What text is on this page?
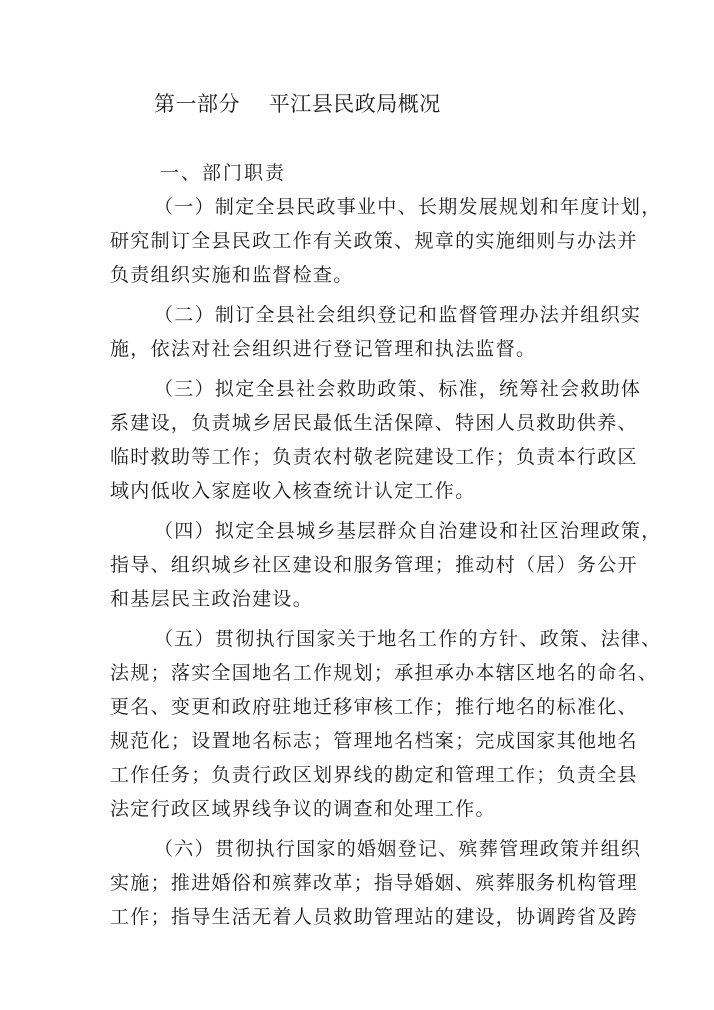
第一部分    平江县民政局概况
一、部门职责
（一）制定全县民政事业中、长期发展规划和年度计划，
研究制订全县民政工作有关政策、规章的实施细则与办法并
负责组织实施和监督检查。
（二）制订全县社会组织登记和监督管理办法并组织实
施，依法对社会组织进行登记管理和执法监督。
（三）拟定全县社会救助政策、标准，统筹社会救助体
系建设，负责城乡居民最低生活保障、特困人员救助供养、
临时救助等工作；负责农村敬老院建设工作；负责本行政区
域内低收入家庭收入核查统计认定工作。
（四）拟定全县城乡基层群众自治建设和社区治理政策，
指导、组织城乡社区建设和服务管理；推动村（居）务公开
和基层民主政治建设。
（五）贯彻执行国家关于地名工作的方针、政策、法律、
法规；落实全国地名工作规划；承担承办本辖区地名的命名、
更名、变更和政府驻地迁移审核工作；推行地名的标准化、
规范化；设置地名标志；管理地名档案；完成国家其他地名
工作任务；负责行政区划界线的勘定和管理工作；负责全县
法定行政区域界线争议的调查和处理工作。
（六）贯彻执行国家的婚姻登记、殡葬管理政策并组织
实施；推进婚俗和殡葬改革；指导婚姻、殡葬服务机构管理
工作；指导生活无着人员救助管理站的建设，协调跨省及跨
